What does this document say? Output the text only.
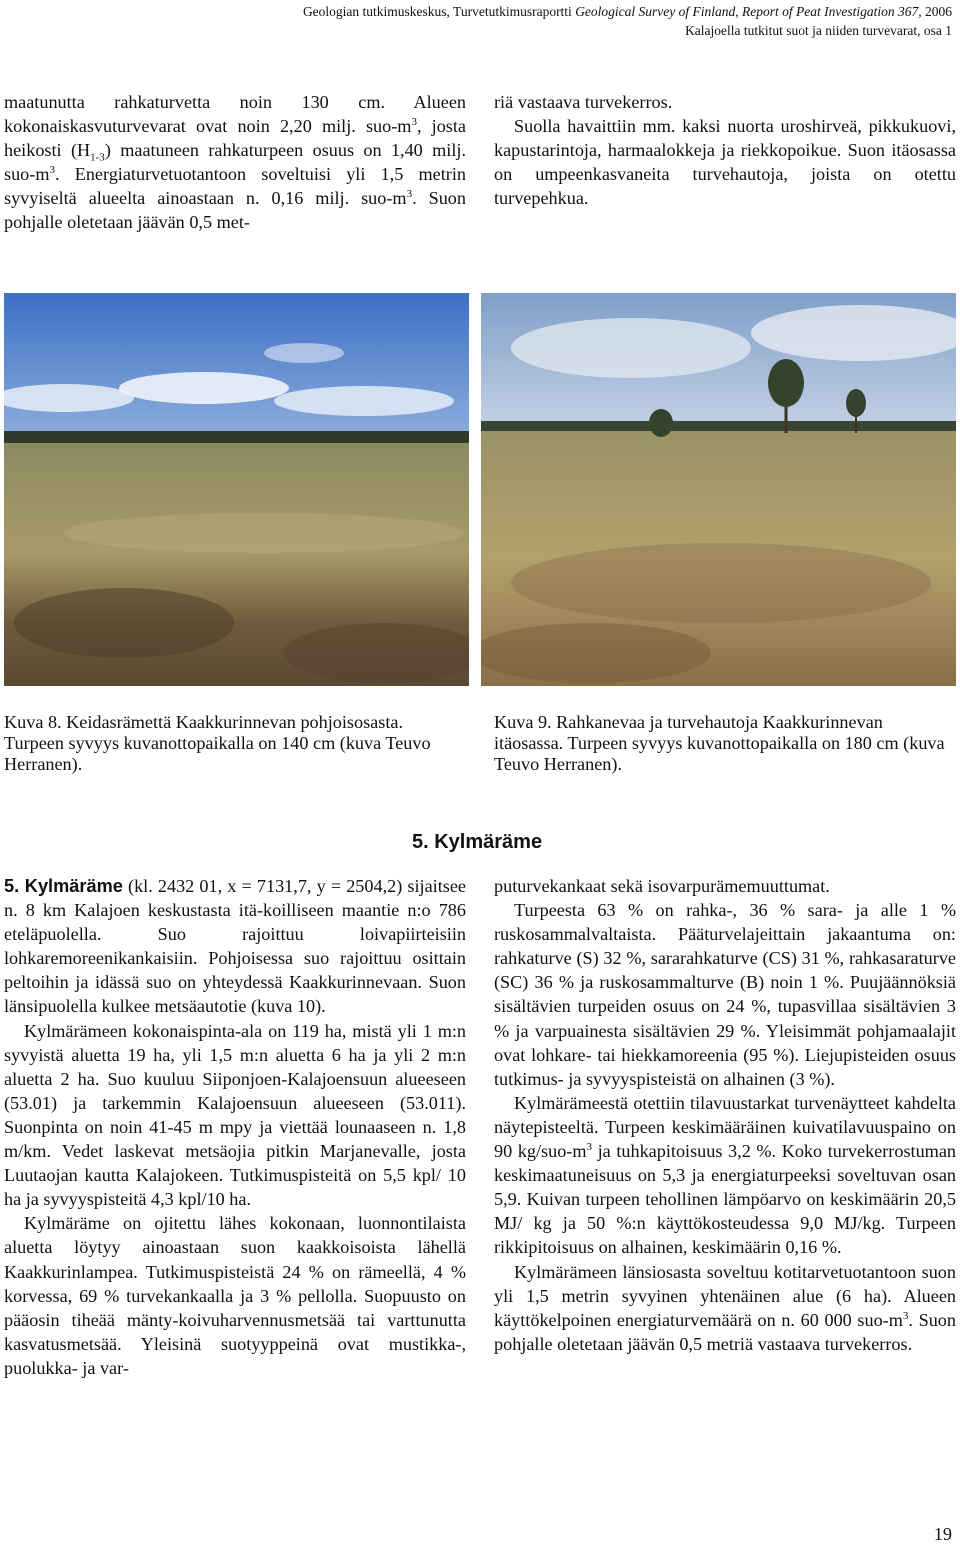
Geologian tutkimuskeskus, Turvetutkimusraportti Geological Survey of Finland, Report of Peat Investigation 367, 2006
Kalajoella tutkitut suot ja niiden turvevarat, osa 1

maatunutta rahkaturvetta noin 130 cm. Alueen kokonaiskasvuturvevarat ovat noin 2,20 milj. suo-$m^3$, josta heikosti $(H_{1-3})$ maatuneen rahkaturpeen osuus on 1,40 milj. suo-$m^3$. Energiaturvetuotantoon soveltuisi yli 1,5 metrin syvyiseltä alueelta ainoastaan n. 0,16 milj. suo-$m^3$. Suon pohjalle oletetaan jäävän 0,5 met-

riä vastaava turvekerros.

Suolla havaittiin mm. kaksi nuorta uroshirveä, pikkukuovi, kapustarintoja, harmaalokkeja ja riekkopoikue. Suon itäosassa on umpeenkasvaneita turvehautoja, joista on otettu turvepehkua.

Kuva 8. Keidasrämettä Kaakkurinnevan pohjoisosasta. Turpeen syvyys kuvanottopaikalla on 140 cm (kuva Teuvo Herranen).

Kuva 9. Rahkanevaa ja turvehautoja Kaakkurinnevan itäosassa. Turpeen syvyys kuvanottopaikalla on 180 cm (kuva Teuvo Herranen).

5. Kylmäräme

5. Kylmäräme (kl. 2432 01, x = 7131,7, y = 2504,2) sijaitsee n. 8 km Kalajoen keskustasta itä-koilliseen maantie n:o 786 eteläpuolella. Suo rajoittuu loivapiirteisiin lohkaremoreenikankaisiin. Pohjoisessa suo rajoittuu osittain peltoihin ja idässä suo on yhteydessä Kaakkurinnevaan. Suon länsipuolella kulkee metsäautotie (kuva 10).

Kylmärämeen kokonaispinta-ala on 119 ha, mistä yli 1 m:n syvyistä aluetta 19 ha, yli 1,5 m:n aluetta 6 ha ja yli 2 m:n aluetta 2 ha. Suo kuuluu Siiponjoen-Kalajoensuun alueeseen (53.01) ja tarkemmin Kalajoensuun alueeseen (53.011). Suonpinta on noin 41-45 m mpy ja viettää lounaaseen n. 1,8 m/km. Vedet laskevat metsäojia pitkin Marjanevalle, josta Luutaojan kautta Kalajokeen. Tutkimuspisteitä on 5,5 kpl/ 10 ha ja syvyyspisteitä 4,3 kpl/10 ha.

Kylmäräme on ojitettu lähes kokonaan, luonnontilaista aluetta löytyy ainoastaan suon kaakkoisoista lähellä Kaakkurinlampea. Tutkimuspisteistä 24 % on rämeellä, 4 % korvessa, 69 % turvekankaalla ja 3 % pellolla. Suopuusto on pääosin tiheää mänty-koivuharvennusmetsää tai varttunutta kasvatusmetsää. Yleisinä suotyyppeinä ovat mustikka-, puolukka- ja var-

puturvekankaat sekä isovarpurämemuuttumat.

Turpeesta 63 % on rahka-, 36 % sara- ja alle 1 % ruskosammalvaltaista. Pääturvelajeittain jakaantuma on: rahkaturve (S) 32 %, sararahkaturve (CS) 31 %, rahkasaraturve (SC) 36 % ja ruskosammalturve (B) noin 1 %. Puujäännöksiä sisältävien turpeiden osuus on 24 %, tupasvillaa sisältävien 3 % ja varpuainesta sisältävien 29 %. Yleisimmät pohjamaalajit ovat lohkare- tai hiekkamoreenia (95 %). Liejupisteiden osuus tutkimus- ja syvyyspisteistä on alhainen (3 %).

Kylmärämeestä otettiin tilavuustarkat turvenäytteet kahdelta näytepisteeltä. Turpeen keskimääräinen kuivatilavuuspaino on 90 $kg/suo-m^3$ ja tuhkapitoisuus 3,2 %. Koko turvekerrostuman keskimaatuneisuus on 5,3 ja energiaturpeeksi soveltuvan osan 5,9. Kuivan turpeen tehollinen lämpöarvo on keskimäärin 20,5 MJ/ kg ja 50 %:n käyttökosteudessa 9,0 MJ/kg. Turpeen rikkipitoisuus on alhainen, keskimäärin 0,16 %.

Kylmärämeen länsiosasta soveltuu kotitarvetuotantoon suon yli 1,5 metrin syvyinen yhtenäinen alue (6 ha). Alueen käyttökelpoinen energiaturvemäärä on n. 60 000 suo-$m^3$. Suon pohjalle oletetaan jäävän 0,5 metriä vastaava turvekerros.

19
